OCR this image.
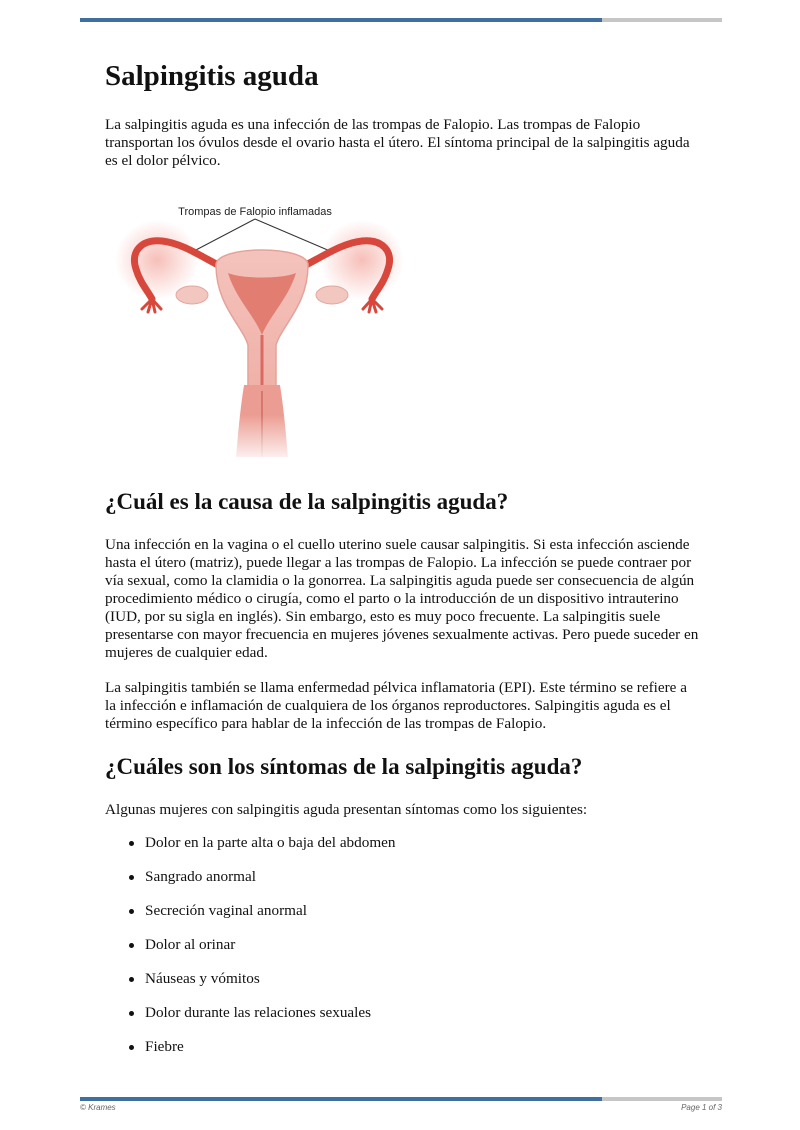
Salpingitis aguda

La salpingitis aguda es una infección de las trompas de Falopio. Las trompas de Falopio transportan los óvulos desde el ovario hasta el útero. El síntoma principal de la salpingitis aguda es el dolor pélvico.

Trompas de Falopio inflamadas
¿Cuál es la causa de la salpingitis aguda?

Una infección en la vagina o el cuello uterino suele causar salpingitis. Si esta infección asciende hasta el útero (matriz), puede llegar a las trompas de Falopio. La infección se puede contraer por vía sexual, como la clamidia o la gonorrea. La salpingitis aguda puede ser consecuencia de algún procedimiento médico o cirugía, como el parto o la introducción de un dispositivo intrauterino (IUD, por su sigla en inglés). Sin embargo, esto es muy poco frecuente. La salpingitis suele presentarse con mayor frecuencia en mujeres jóvenes sexualmente activas. Pero puede suceder en mujeres de cualquier edad.

La salpingitis también se llama enfermedad pélvica inflamatoria (EPI). Este término se refiere a la infección e inflamación de cualquiera de los órganos reproductores. Salpingitis aguda es el término específico para hablar de la infección de las trompas de Falopio.

¿Cuáles son los síntomas de la salpingitis aguda?

Algunas mujeres con salpingitis aguda presentan síntomas como los siguientes:

Dolor en la parte alta o baja del abdomen
Sangrado anormal
Secreción vaginal anormal
Dolor al orinar
Náuseas y vómitos
Dolor durante las relaciones sexuales
Fiebre
© Krames	Page 1 of 3
